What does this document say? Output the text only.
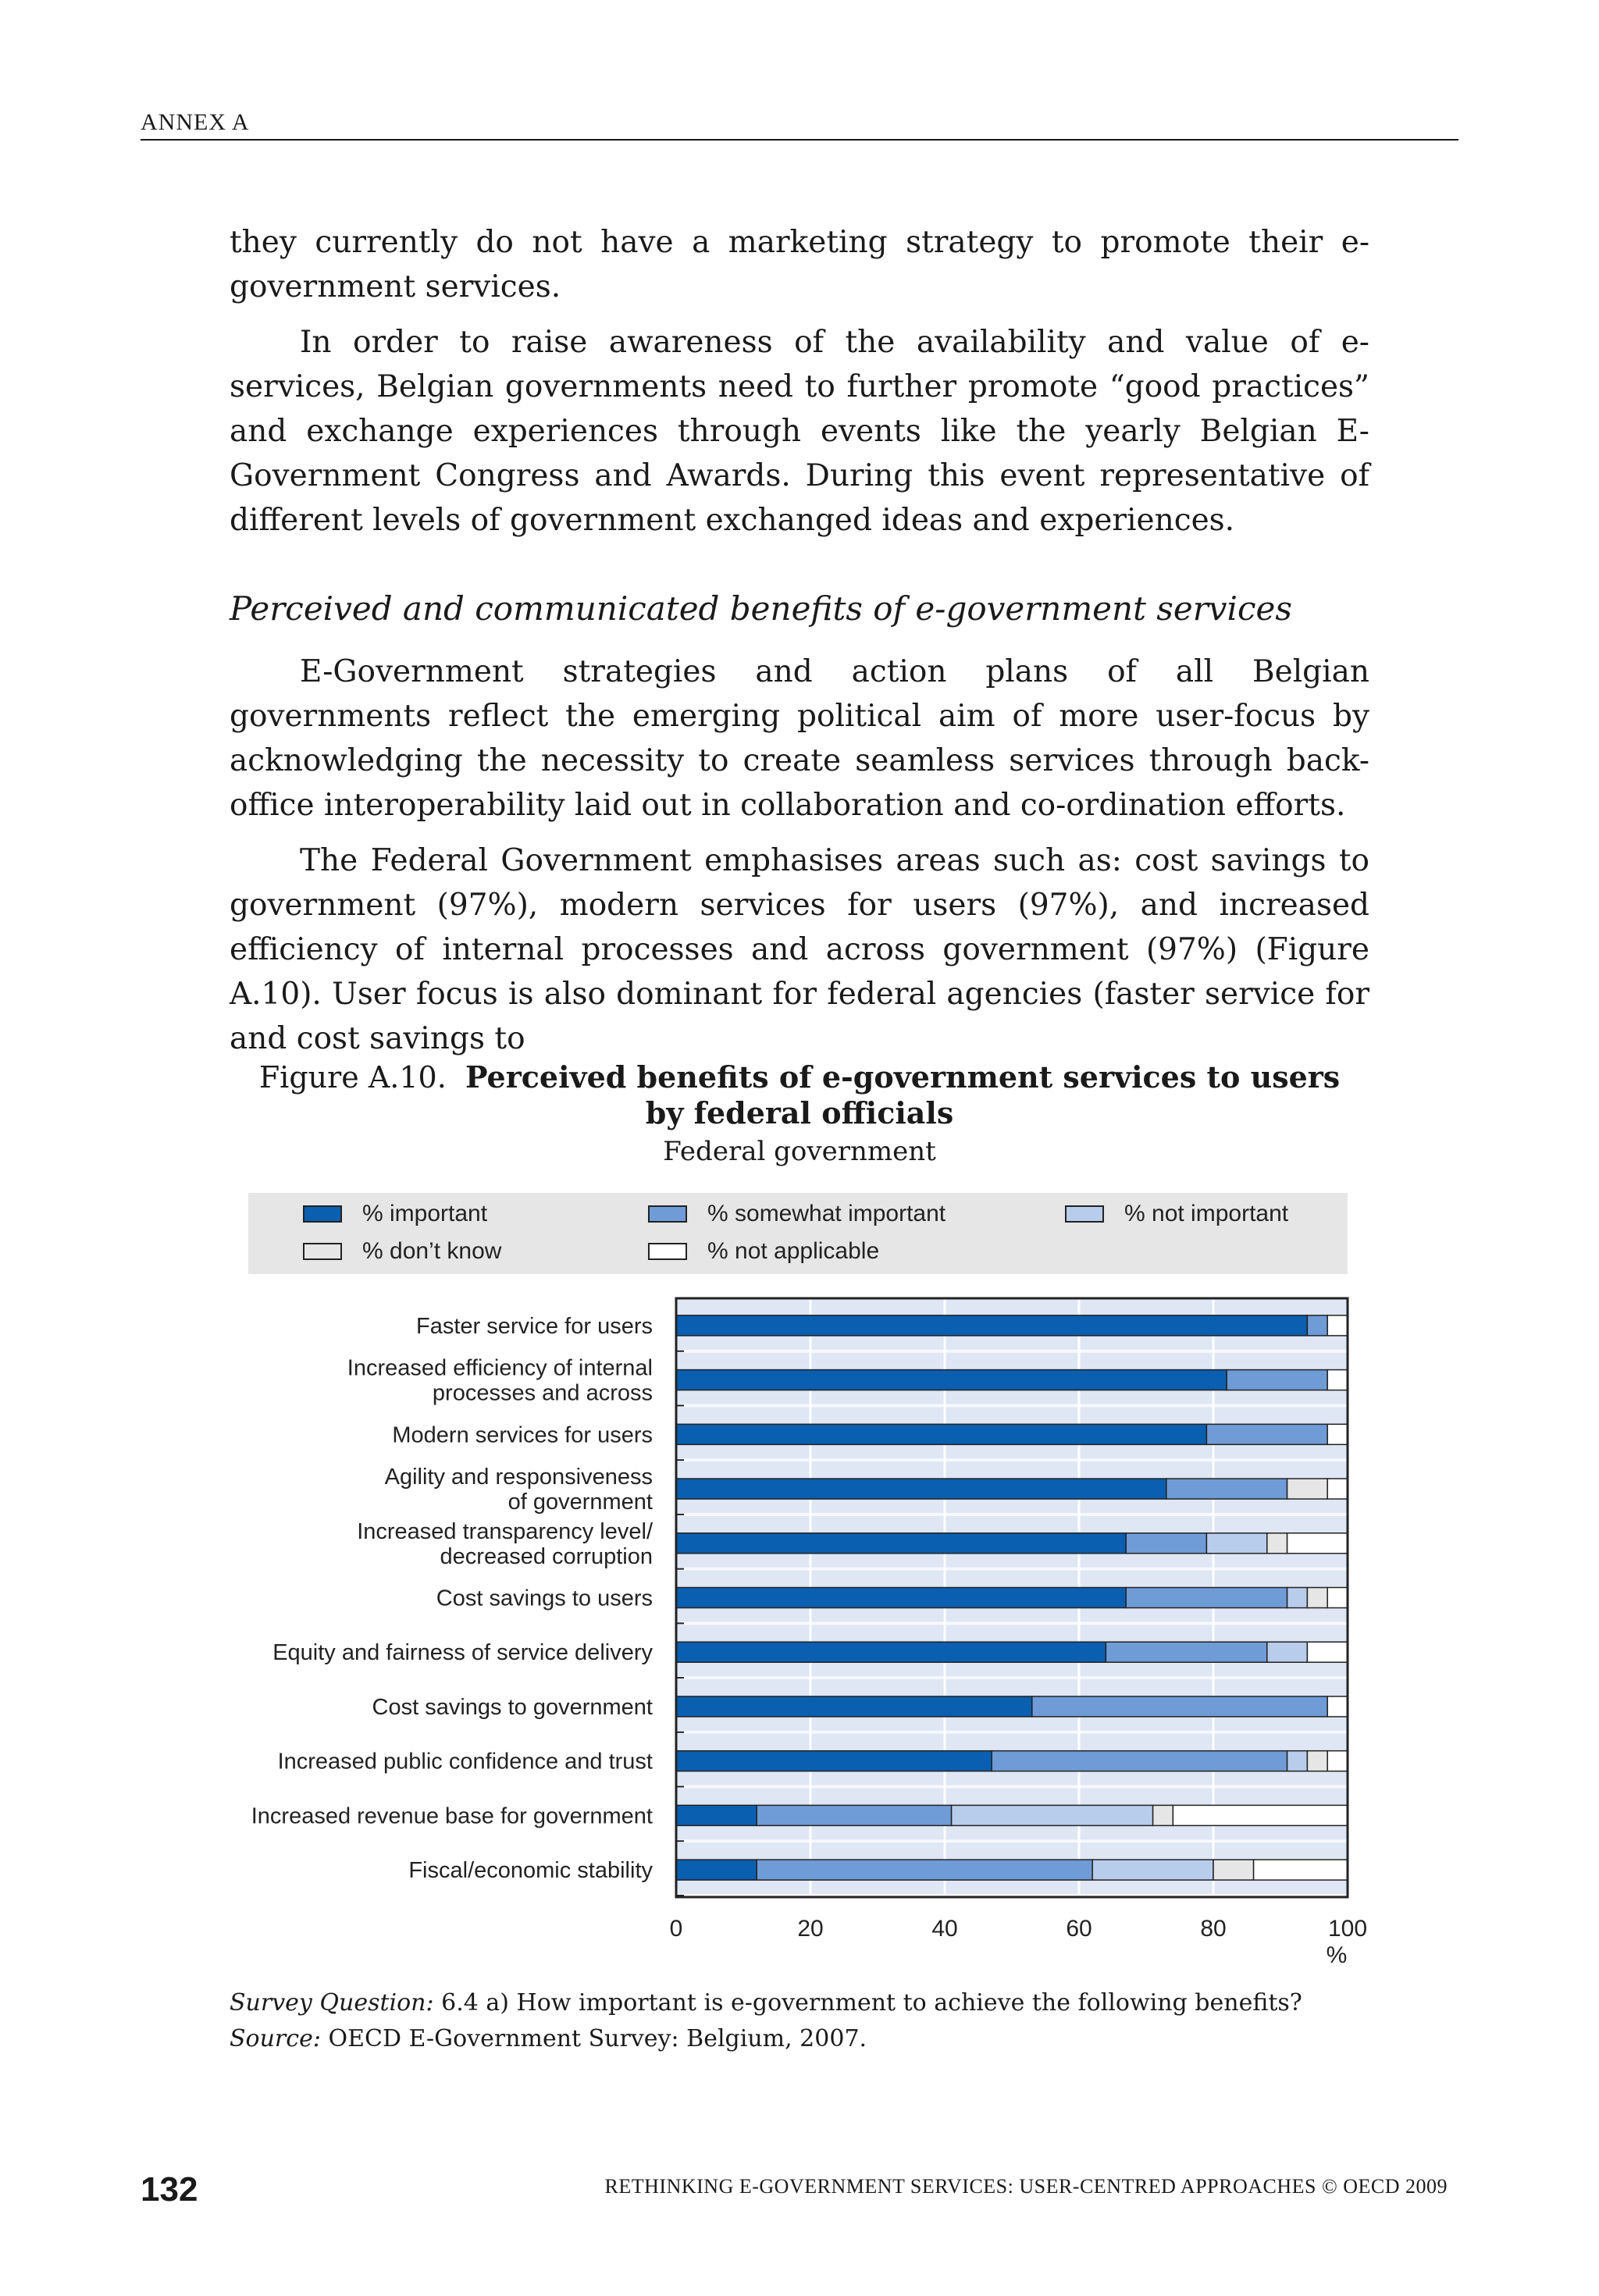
ANNEX A

they currently do not have a marketing strategy to promote their e-government services.

In order to raise awareness of the availability and value of e-services, Belgian governments need to further promote “good practices” and exchange experiences through events like the yearly Belgian E-Government Congress and Awards. During this event representative of different levels of government exchanged ideas and experiences.

Perceived and communicated benefits of e-government services

E-Government strategies and action plans of all Belgian governments reflect the emerging political aim of more user-focus by acknowledging the necessity to create seamless services through back-office interoperability laid out in collaboration and co-ordination efforts.

The Federal Government emphasises areas such as: cost savings to government (97%), modern services for users (97%), and increased efficiency of internal processes and across government (97%) (Figure A.10). User focus is also dominant for federal agencies (faster service for and cost savings to

Figure A.10. Perceived benefits of e-government services to users
by federal officials
Federal government
% important	% somewhat important	% not important
% don’t know	% not applicable
Faster service for users
Increased efficiency of internal
processes and across
Modern services for users
Agility and responsiveness
of government
Increased transparency level/
decreased corruption
Cost savings to users
Equity and fairness of service delivery
Cost savings to government
Increased public confidence and trust
Increased revenue base for government
Fiscal/economic stability
0	20	40	60	80	100
%
Survey Question: 6.4 a) How important is e-government to achieve the following benefits?
Source: OECD E-Government Survey: Belgium, 2007.
132	RETHINKING E-GOVERNMENT SERVICES: USER-CENTRED APPROACHES © OECD 2009
